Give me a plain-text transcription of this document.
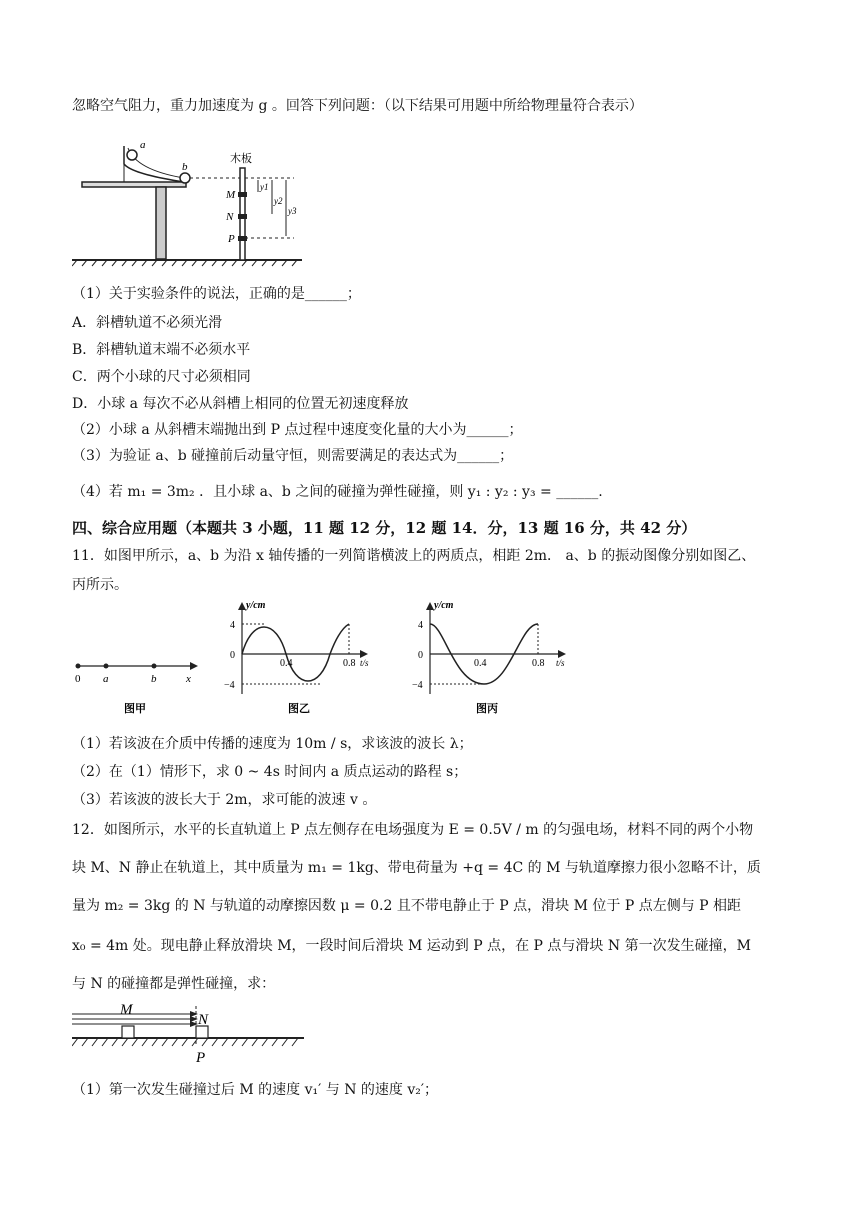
忽略空气阻力，重力加速度为 g 。回答下列问题：（以下结果可用题中所给物理量符合表示）
a
b
木板
M
N
P
y1
y2
y3
（1）关于实验条件的说法，正确的是______；
A．斜槽轨道不必须光滑
B．斜槽轨道末端不必须水平
C．两个小球的尺寸必须相同
D．小球 a 每次不必从斜槽上相同的位置无初速度释放
（2）小球 a 从斜槽末端抛出到 P 点过程中速度变化量的大小为______；
（3）为验证 a、b 碰撞前后动量守恒，则需要满足的表达式为______；
（4）若 m₁ = 3m₂ ．且小球 a、b 之间的碰撞为弹性碰撞，则 y₁ : y₂ : y₃ = ______.
四、综合应用题（本题共 3 小题，11 题 12 分，12 题 14．分，13 题 16 分，共 42 分）
11．如图甲所示，a、b 为沿 x 轴传播的一列简谐横波上的两质点，相距 2m． a、b 的振动图像分别如图乙、
丙所示。
0 a	b	x
图甲
y/cm
4
0
−4
0.4	0.8 t/s
图乙
y/cm
4
0
−4
0.4	0.8 t/s
图丙
（1）若该波在介质中传播的速度为 10m / s，求该波的波长 λ；
（2）在（1）情形下，求 0 ~ 4s 时间内 a 质点运动的路程 s；
（3）若该波的波长大于 2m，求可能的波速 v 。
12．如图所示，水平的长直轨道上 P 点左侧存在电场强度为 E = 0.5V / m 的匀强电场，材料不同的两个小物
块 M、N 静止在轨道上，其中质量为 m₁ = 1kg、带电荷量为 +q = 4C 的 M 与轨道摩擦力很小忽略不计，质
量为 m₂ = 3kg 的 N 与轨道的动摩擦因数 μ = 0.2 且不带电静止于 P 点，滑块 M 位于 P 点左侧与 P 相距
x₀ = 4m 处。现电静止释放滑块 M，一段时间后滑块 M 运动到 P 点，在 P 点与滑块 N 第一次发生碰撞，M
与 N 的碰撞都是弹性碰撞，求：
M
N
P
（1）第一次发生碰撞过后 M 的速度 v₁′ 与 N 的速度 v₂′；
